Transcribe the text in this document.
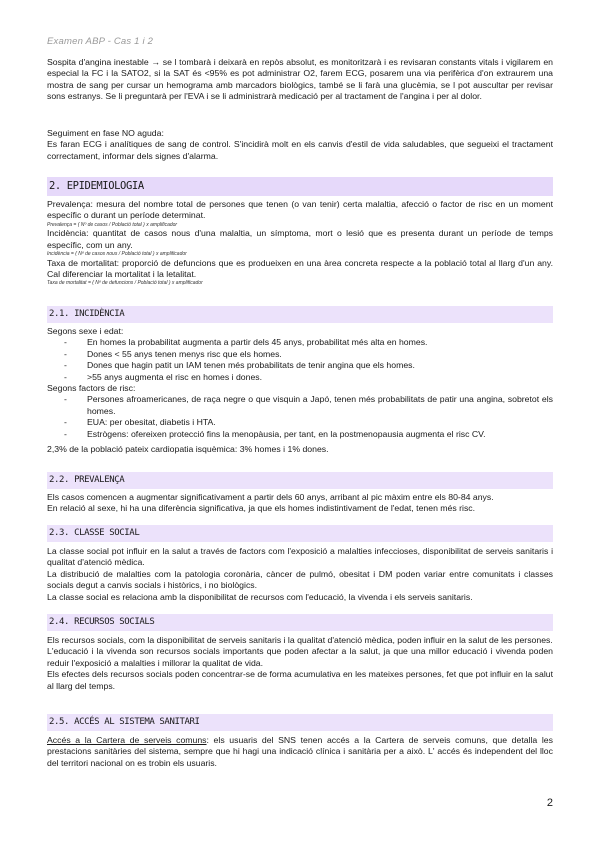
Examen ABP - Cas 1 i 2

Sospita d'angina inestable → se l tombarà i deixarà en repòs absolut, es monitoritzarà i es revisaran constants vitals i vigilarem en especial la FC i la SATO2, si la SAT és <95% es pot administrar O2, farem ECG, posarem una via perifèrica d'on extraurem una mostra de sang per cursar un hemograma amb marcadors biològics, també se li farà una glucèmia, se l pot auscultar per revisar sons estranys. Se li preguntarà per l'EVA i se li administrarà medicació per al tractament de l'angina i per al dolor.

Seguiment en fase NO aguda:

Es faran ECG i analítiques de sang de control. S'incidirà molt en els canvis d'estil de vida saludables, que segueixi el tractament correctament, informar dels signes d'alarma.

2. EPIDEMIOLOGIA

Prevalença: mesura del nombre total de persones que tenen (o van tenir) certa malaltia, afecció o factor de risc en un moment específic o durant un període determinat.

Prevalença = ( Nº de casos / Població total ) x amplificador

Incidència: quantitat de casos nous d'una malaltia, un símptoma, mort o lesió que es presenta durant un període de temps específic, com un any.

Incidència = ( Nº de casos nous / Població total ) x amplificador

Taxa de mortalitat: proporció de defuncions que es produeixen en una àrea concreta respecte a la població total al llarg d'un any. Cal diferenciar la mortalitat i la letalitat.

Taxa de mortalitat = ( Nº de defuncions / Població total ) x amplificador
2.1. INCIDÈNCIA

Segons sexe i edat:

- En homes la probabilitat augmenta a partir dels 45 anys, probabilitat més alta en homes.
- Dones < 55 anys tenen menys risc que els homes.
- Dones que hagin patit un IAM tenen més probabilitats de tenir angina que els homes.
- >55 anys augmenta el risc en homes i dones.

Segons factors de risc:

- Persones afroamericanes, de raça negre o que visquin a Japó, tenen més probabilitats de patir una angina, sobretot els homes.
- EUA: per obesitat, diabetis i HTA.
- Estrògens: ofereixen protecció fins la menopàusia, per tant, en la postmenopausia augmenta el risc CV.

2,3% de la població pateix cardiopatia isquèmica: 3% homes i 1% dones.

2.2. PREVALENÇA

Els casos comencen a augmentar significativament a partir dels 60 anys, arribant al pic màxim entre els 80-84 anys.

En relació al sexe, hi ha una diferència significativa, ja que els homes indistintivament de l'edat, tenen més risc.

2.3. CLASSE SOCIAL

La classe social pot influir en la salut a través de factors com l'exposició a malalties infeccioses, disponibilitat de serveis sanitaris i qualitat d'atenció mèdica.

La distribució de malalties com la patologia coronària, càncer de pulmó, obesitat i DM poden variar entre comunitats i classes socials degut a canvis socials i històrics, i no biològics.

La classe social es relaciona amb la disponibilitat de recursos com l'educació, la vivenda i els serveis sanitaris.

2.4. RECURSOS SOCIALS

Els recursos socials, com la disponibilitat de serveis sanitaris i la qualitat d'atenció mèdica, poden influir en la salut de les persones.

L'educació i la vivenda son recursos socials importants que poden afectar a la salut, ja que una millor educació i vivenda poden reduir l'exposició a malalties i millorar la qualitat de vida.

Els efectes dels recursos socials poden concentrar-se de forma acumulativa en les mateixes persones, fet que pot influir en la salut al llarg del temps.

2.5. ACCÉS AL SISTEMA SANITARI

Accés a la Cartera de serveis comuns: els usuaris del SNS tenen accés a la Cartera de serveis comuns, que detalla les prestacions sanitàries del sistema, sempre que hi hagi una indicació clínica i sanitària per a això. L' accés és independent del lloc del territori nacional on es trobin els usuaris.

2
